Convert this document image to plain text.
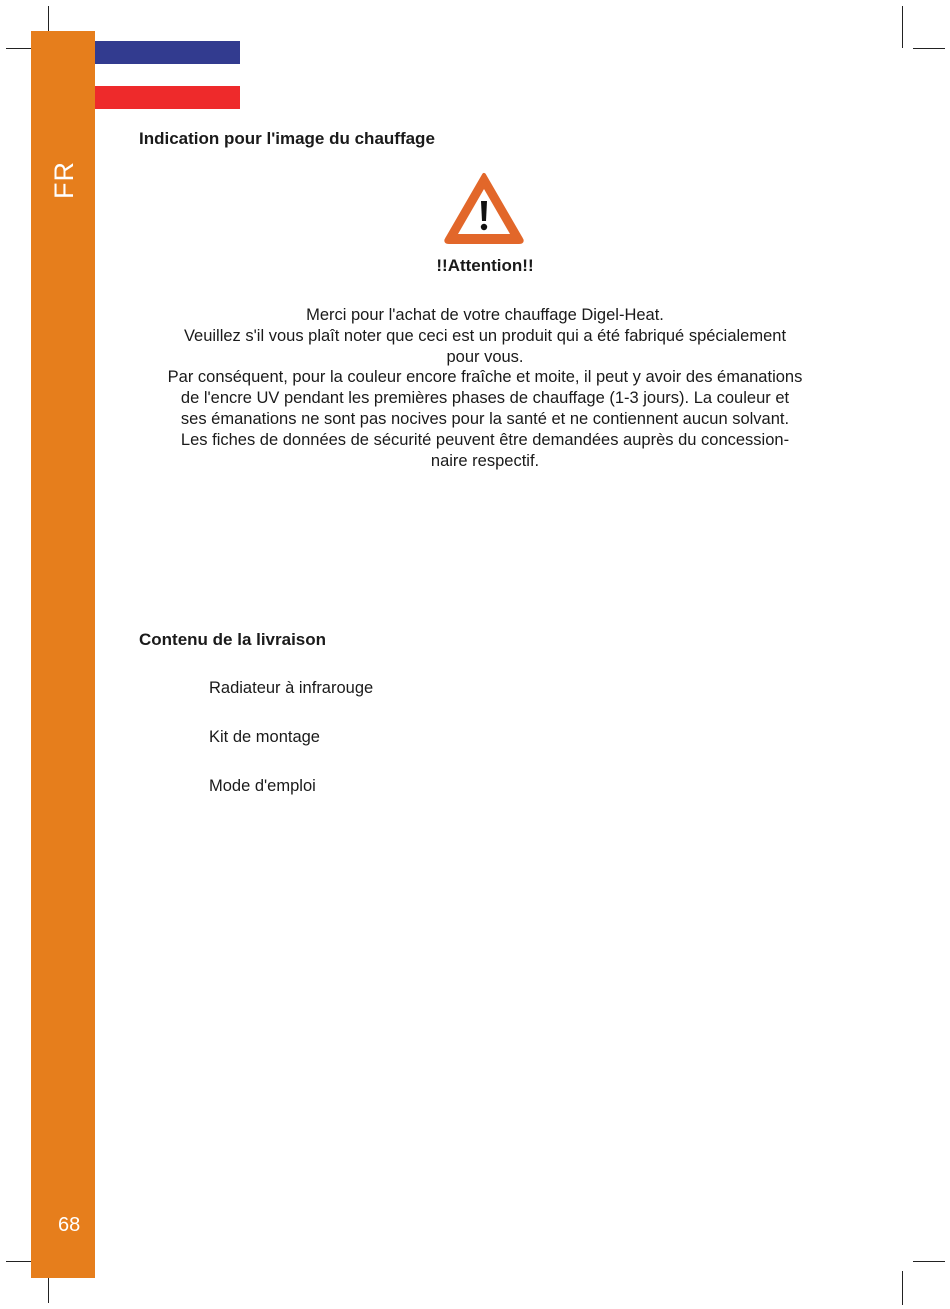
FR
68
Indication pour l'image du chauffage
!!Attention!!
Merci pour l'achat de votre chauffage Digel-Heat.
Veuillez s'il vous plaît noter que ceci est un produit qui a été fabriqué spécialement
pour vous.
Par conséquent, pour la couleur encore fraîche et moite, il peut y avoir des émanations
de l'encre UV pendant les premières phases de chauffage (1-3 jours). La couleur et
ses émanations ne sont pas nocives pour la santé et ne contiennent aucun solvant.
Les fiches de données de sécurité peuvent être demandées auprès du concession-
naire respectif.
Contenu de la livraison
Radiateur à infrarouge
Kit de montage
Mode d'emploi
